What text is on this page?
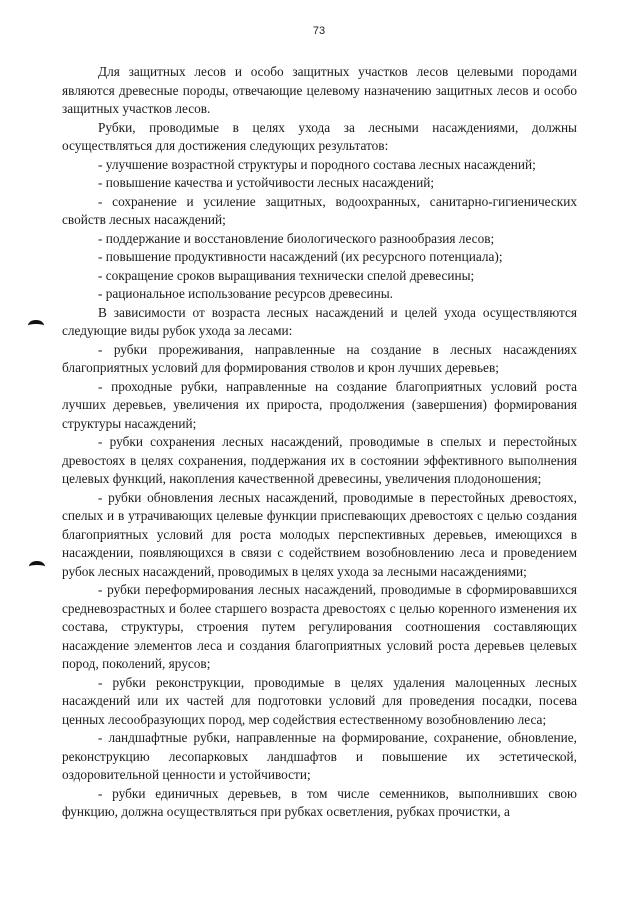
73

Для защитных лесов и особо защитных участков лесов целевыми породами являются древесные породы, отвечающие целевому назначению защитных лесов и особо защитных участков лесов.

Рубки, проводимые в целях ухода за лесными насаждениями, должны осуществляться для достижения следующих результатов:

- улучшение возрастной структуры и породного состава лесных насаждений;

- повышение качества и устойчивости лесных насаждений;

- сохранение и усиление защитных, водоохранных, санитарно-гигиенических свойств лесных насаждений;

- поддержание и восстановление биологического разнообразия лесов;

- повышение продуктивности насаждений (их ресурсного потенциала);

- сокращение сроков выращивания технически спелой древесины;

- рациональное использование ресурсов древесины.

В зависимости от возраста лесных насаждений и целей ухода осуществляются следующие виды рубок ухода за лесами:

- рубки прореживания, направленные на создание в лесных насаждениях благоприятных условий для формирования стволов и крон лучших деревьев;

- проходные рубки, направленные на создание благоприятных условий роста лучших деревьев, увеличения их прироста, продолжения (завершения) формирования структуры насаждений;

- рубки сохранения лесных насаждений, проводимые в спелых и перестойных древостоях в целях сохранения, поддержания их в состоянии эффективного выполнения целевых функций, накопления качественной древесины, увеличения плодоношения;

- рубки обновления лесных насаждений, проводимые в перестойных древостоях, спелых и в утрачивающих целевые функции приспевающих древостоях с целью создания благоприятных условий для роста молодых перспективных деревьев, имеющихся в насаждении, появляющихся в связи с содействием возобновлению леса и проведением рубок лесных насаждений, проводимых в целях ухода за лесными насаждениями;

- рубки переформирования лесных насаждений, проводимые в сформировавшихся средневозрастных и более старшего возраста древостоях с целью коренного изменения их состава, структуры, строения путем регулирования соотношения составляющих насаждение элементов леса и создания благоприятных условий роста деревьев целевых пород, поколений, ярусов;

- рубки реконструкции, проводимые в целях удаления малоценных лесных насаждений или их частей для подготовки условий для проведения посадки, посева ценных лесообразующих пород, мер содействия естественному возобновлению леса;

- ландшафтные рубки, направленные на формирование, сохранение, обновление, реконструкцию лесопарковых ландшафтов и повышение их эстетической, оздоровительной ценности и устойчивости;

- рубки единичных деревьев, в том числе семенников, выполнивших свою функцию, должна осуществляться при рубках осветления, рубках прочистки, а
